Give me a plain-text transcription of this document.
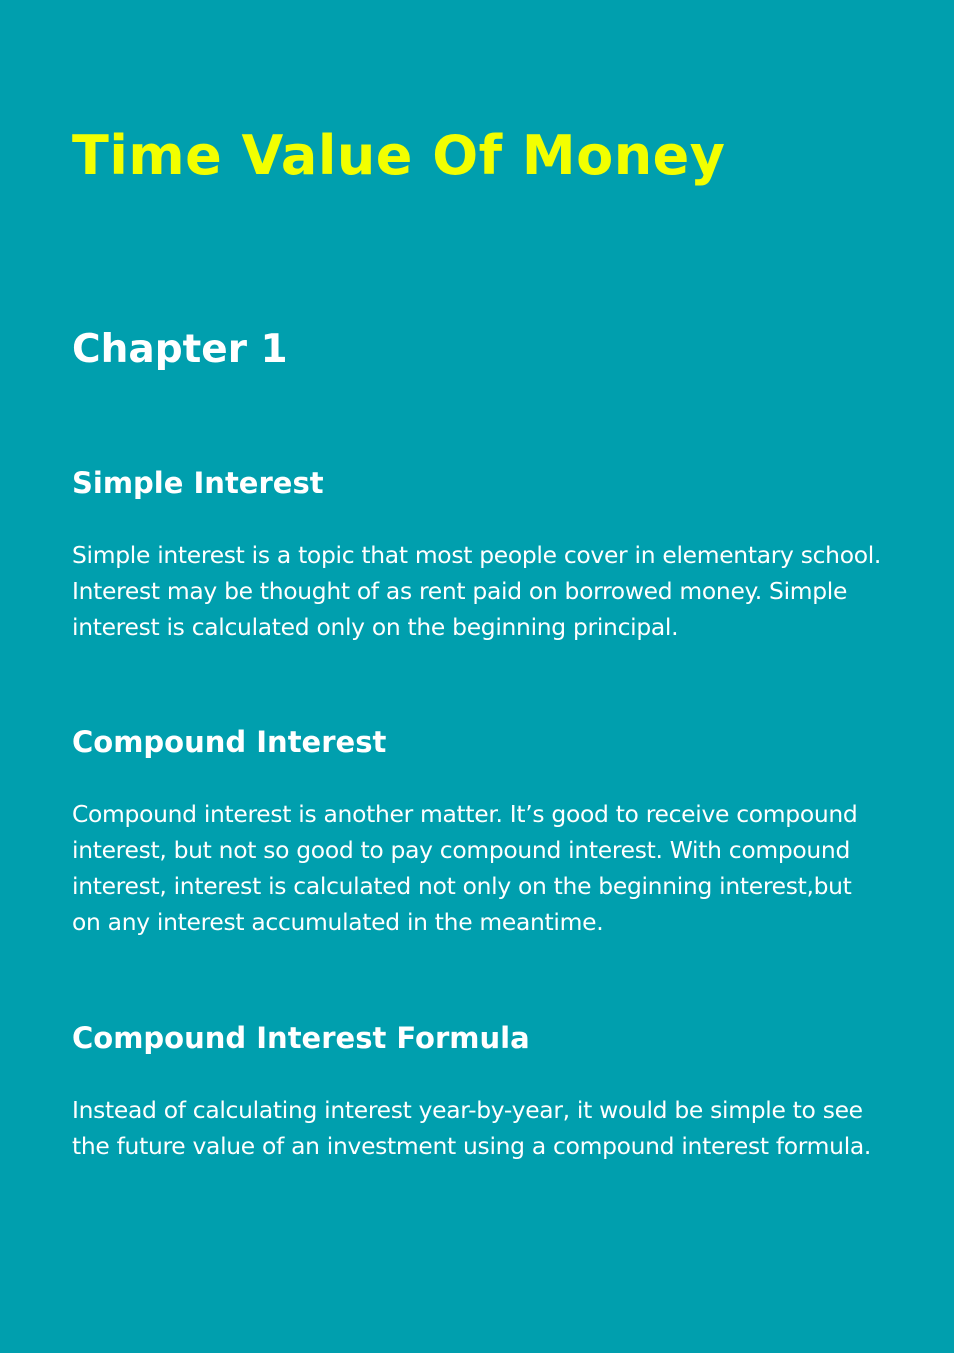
Time Value Of Money
Chapter 1
Simple Interest

Simple interest is a topic that most people cover in elementary school. Interest may be thought of as rent paid on borrowed money. Simple interest is calculated only on the beginning principal.

Compound Interest

Compound interest is another matter. It’s good to receive compound interest, but not so good to pay compound interest. With compound interest, interest is calculated not only on the beginning interest,but on any interest accumulated in the meantime.

Compound Interest Formula

Instead of calculating interest year-by-year, it would be simple to see the future value of an investment using a compound interest formula.
